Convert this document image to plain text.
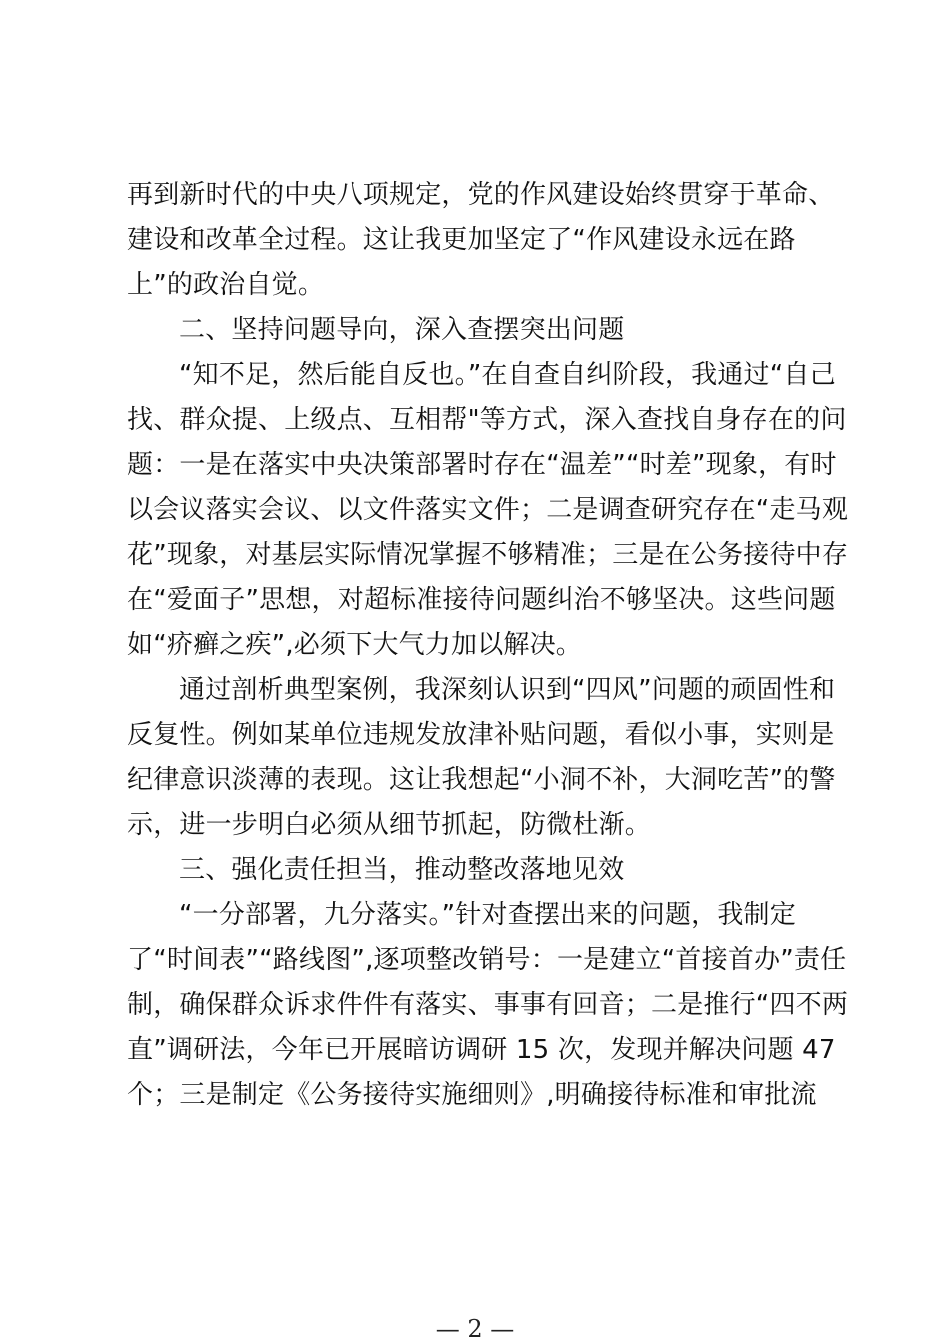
再到新时代的中央八项规定，党的作风建设始终贯穿于革命、
建设和改革全过程。这让我更加坚定了“作风建设永远在路
上”的政治自觉。
二、坚持问题导向，深入查摆突出问题
“知不足，然后能自反也。”在自查自纠阶段，我通过“自己
找、群众提、上级点、互相帮"等方式，深入查找自身存在的问
题：一是在落实中央决策部署时存在“温差”“时差”现象，有时
以会议落实会议、以文件落实文件；二是调查研究存在“走马观
花”现象，对基层实际情况掌握不够精准；三是在公务接待中存
在“爱面子”思想，对超标准接待问题纠治不够坚决。这些问题
如“疥癣之疾”,必须下大气力加以解决。
通过剖析典型案例，我深刻认识到“四风”问题的顽固性和
反复性。例如某单位违规发放津补贴问题，看似小事，实则是
纪律意识淡薄的表现。这让我想起“小洞不补，大洞吃苦”的警
示，进一步明白必须从细节抓起，防微杜渐。
三、强化责任担当，推动整改落地见效
“一分部署，九分落实。”针对查摆出来的问题，我制定
了“时间表”“路线图”,逐项整改销号：一是建立“首接首办”责任
制，确保群众诉求件件有落实、事事有回音；二是推行“四不两
直”调研法，今年已开展暗访调研 15 次，发现并解决问题 47
个；三是制定《公务接待实施细则》,明确接待标准和审批流
— 2 —
